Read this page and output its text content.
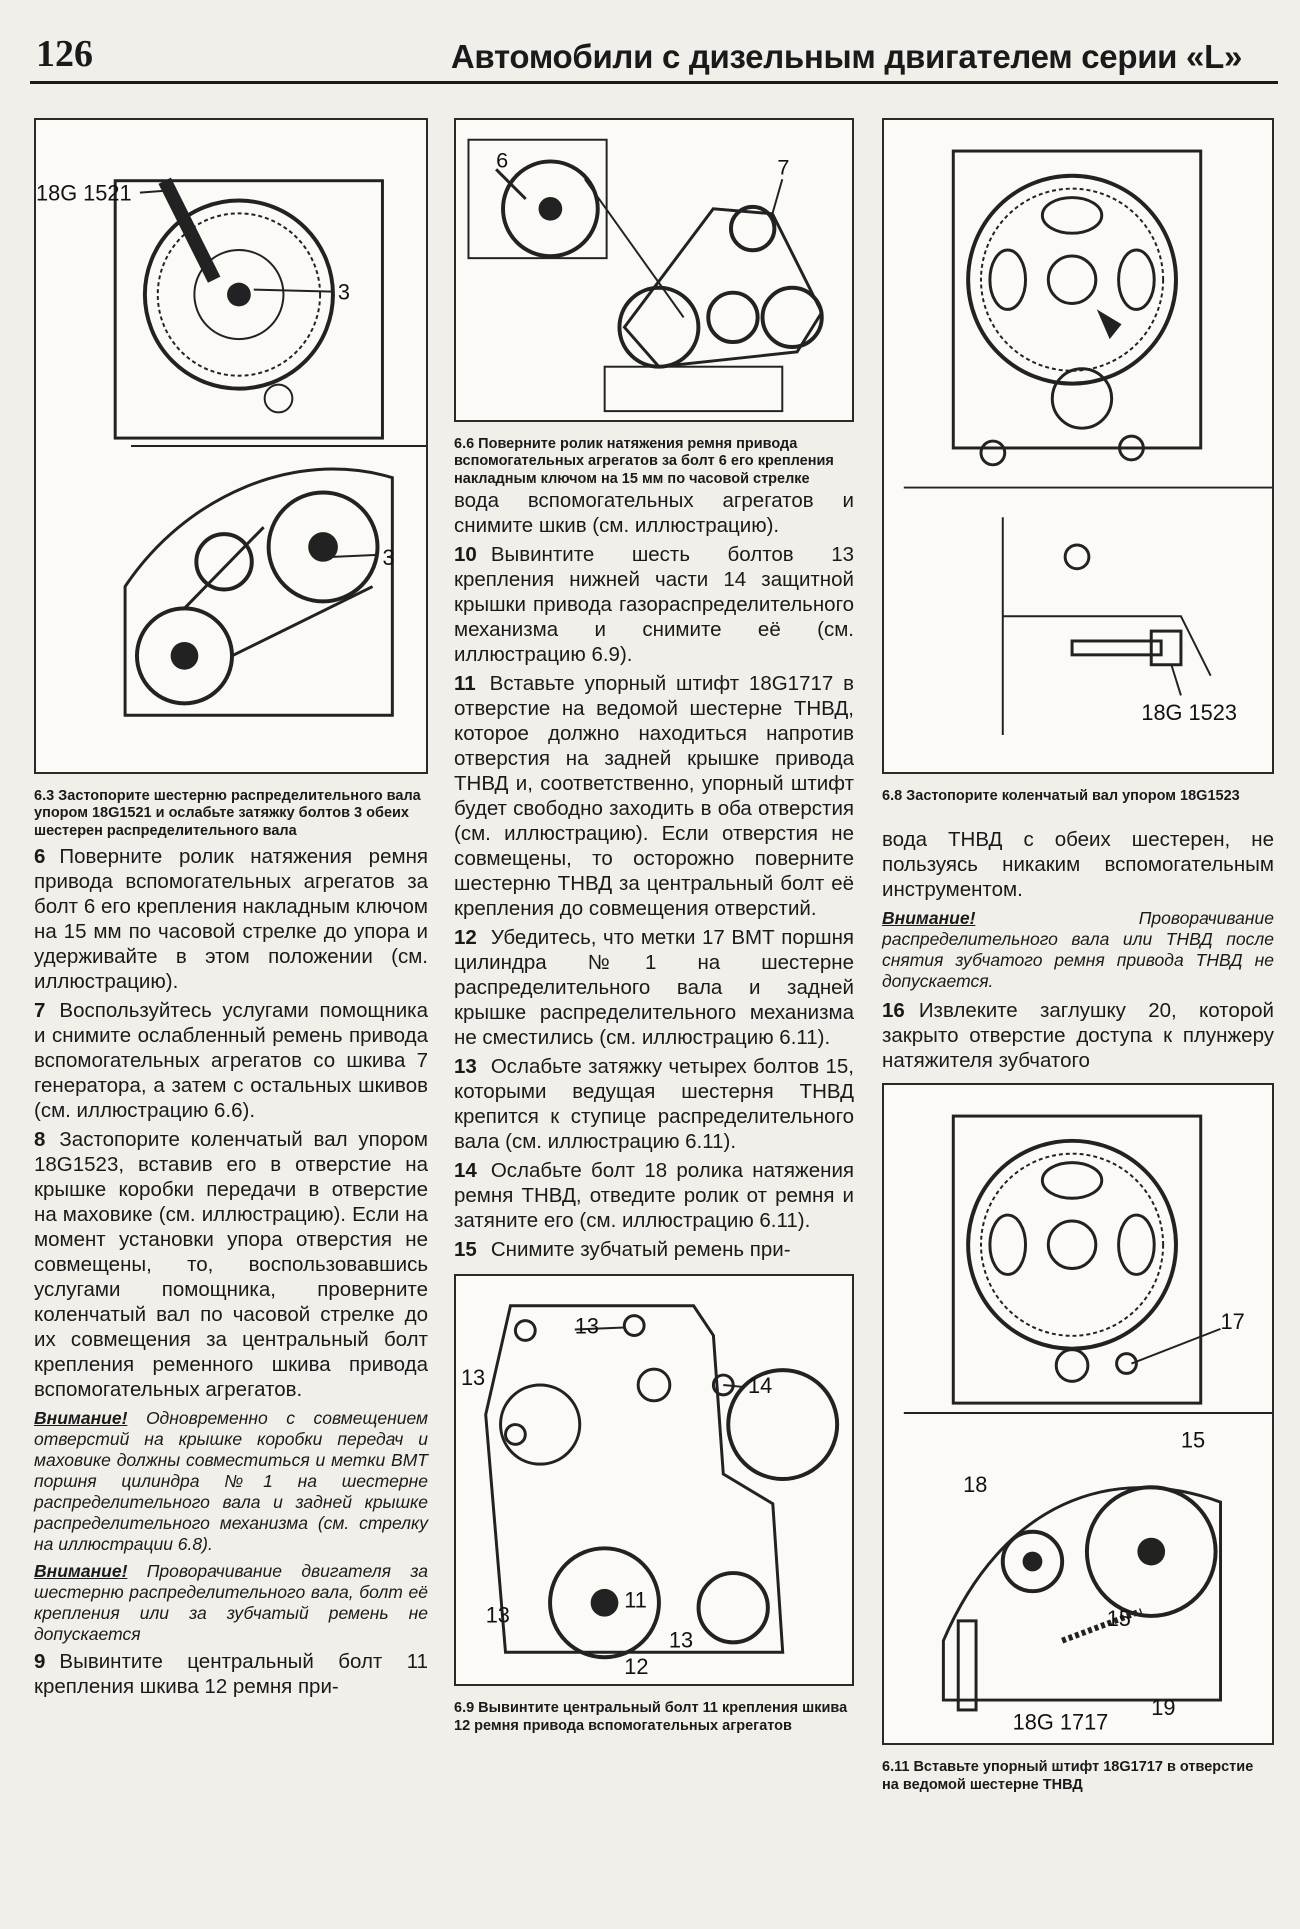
126	Автомобили с дизельным двигателем серии «L»
18G 1521
3
3
6.3 Застопорите шестерню распределительного вала упором 18G1521 и ослабьте затяжку болтов 3 обеих шестерен распределительного вала

6 Поверните ролик натяжения ремня привода вспомогательных агрегатов за болт 6 его крепления накладным ключом на 15 мм по часовой стрелке до упора и удерживайте в этом положении (см. иллюстрацию).

7 Воспользуйтесь услугами помощника и снимите ослабленный ремень привода вспомогательных агрегатов со шкива 7 генератора, а затем с остальных шкивов (см. иллюстрацию 6.6).

8 Застопорите коленчатый вал упором 18G1523, вставив его в отверстие на крышке коробки передачи в отверстие на маховике (см. иллюстрацию). Если на момент установки упора отверстия не совмещены, то, воспользовавшись услугами помощника, проверните коленчатый вал по часовой стрелке до их совмещения за центральный болт крепления ременного шкива привода вспомогательных агрегатов.

Внимание! Одновременно с совмещением отверстий на крышке коробки передач и маховике должны совместиться и метки ВМТ поршня цилиндра №1 на шестерне распределительного вала и задней крышке распределительного механизма (см. стрелку на иллюстрации 6.8).

Внимание! Проворачивание двигателя за шестерню распределительного вала, болт её крепления или за зубчатый ремень не допускается

9 Вывинтите центральный болт 11 крепления шкива 12 ремня при-

6	7
6.6 Поверните ролик натяжения ремня привода вспомогательных агрегатов за болт 6 его крепления накладным ключом на 15 мм по часовой стрелке

вода вспомогательных агрегатов и снимите шкив (см. иллюстрацию).

10 Вывинтите шесть болтов 13 крепления нижней части 14 защитной крышки привода газораспределительного механизма и снимите её (см. иллюстрацию 6.9).

11 Вставьте упорный штифт 18G1717 в отверстие на ведомой шестерне ТНВД, которое должно находиться напротив отверстия на задней крышке привода ТНВД и, соответственно, упорный штифт будет свободно заходить в оба отверстия (см. иллюстрацию). Если отверстия не совмещены, то осторожно поверните шестерню ТНВД за центральный болт её крепления до совмещения отверстий.

12 Убедитесь, что метки 17 ВМТ поршня цилиндра №1 на шестерне распределительного вала и задней крышке распределительного механизма не сместились (см. иллюстрацию 6.11).

13 Ослабьте затяжку четырех болтов 15, которыми ведущая шестерня ТНВД крепится к ступице распределительного вала (см. иллюстрацию 6.11).

14 Ослабьте болт 18 ролика натяжения ремня ТНВД, отведите ролик от ремня и затяните его (см. иллюстрацию 6.11).

15 Снимите зубчатый ремень при-

13
13	14
13
11
13
12
6.9 Вывинтите центральный болт 11 крепления шкива 12 ремня привода вспомогательных агрегатов
18G 1523
6.8 Застопорите коленчатый вал упором 18G1523

вода ТНВД с обеих шестерен, не пользуясь никаким вспомогательным инструментом.

Внимание!	Проворачивание распределительного вала или ТНВД после снятия зубчатого ремня привода ТНВД не допускается.

16 Извлеките заглушку 20, которой закрыто отверстие доступа к плунжеру натяжителя зубчатого

17
15
18
15
18G 1717
19
6.11 Вставьте упорный штифт 18G1717 в отверстие на ведомой шестерне ТНВД
